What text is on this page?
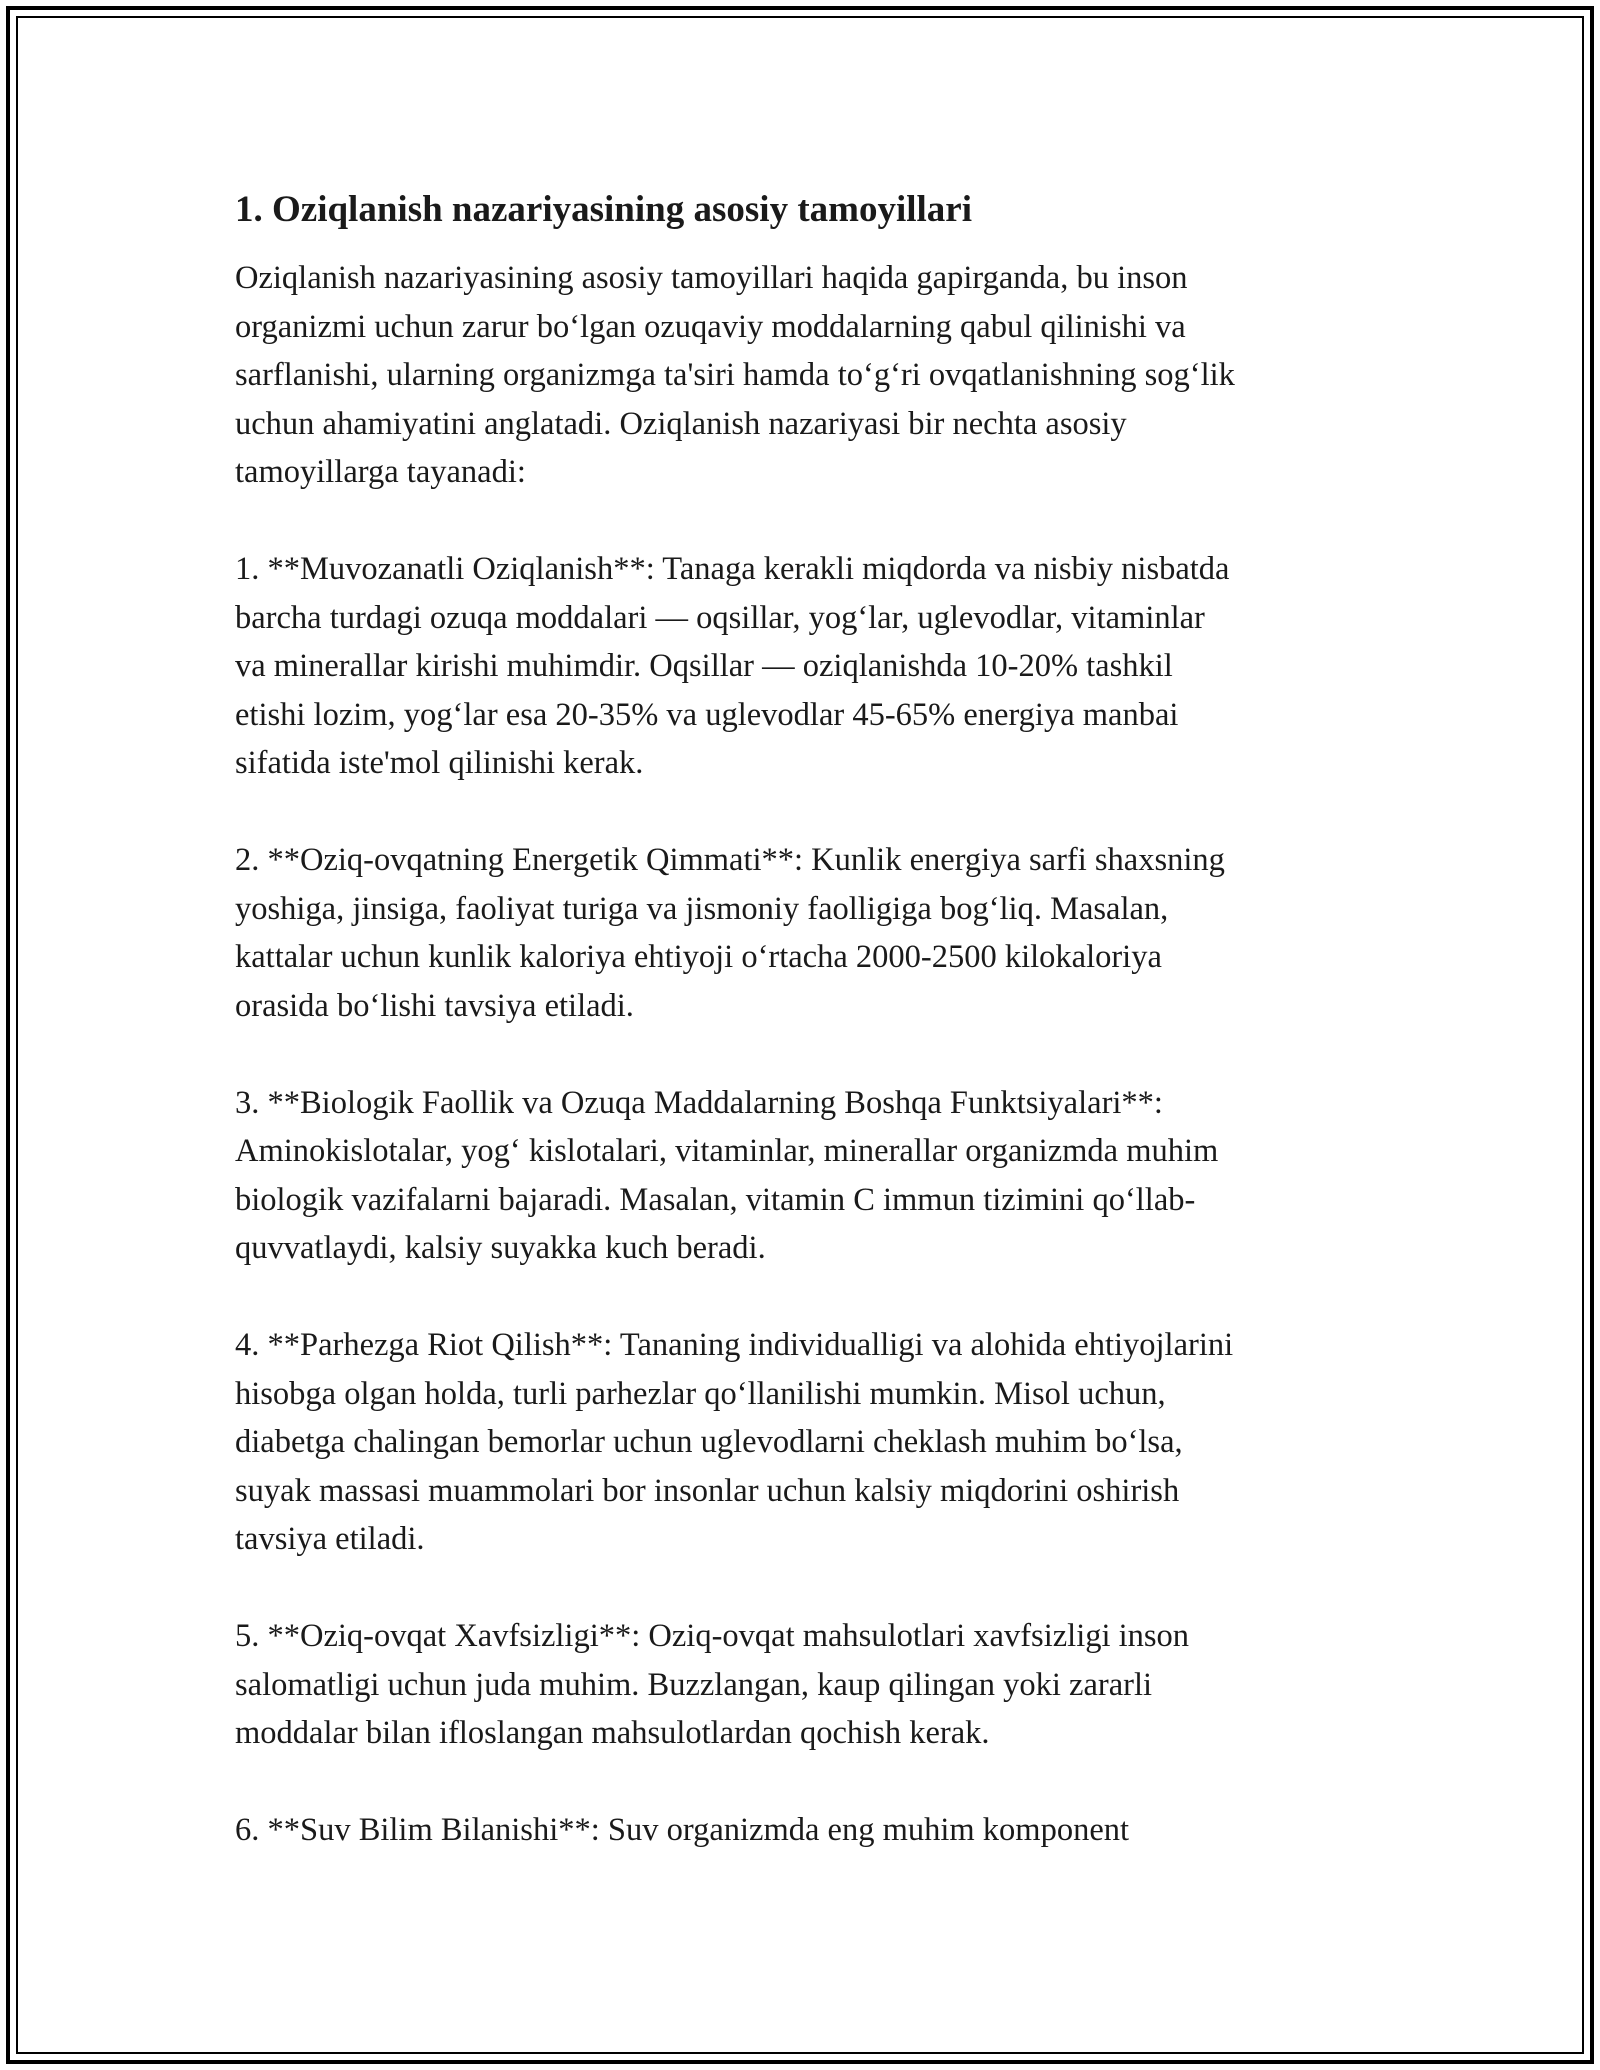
1. Oziqlanish nazariyasining asosiy tamoyillari
Oziqlanish nazariyasining asosiy tamoyillari haqida gapirganda, bu inson
organizmi uchun zarur bo‘lgan ozuqaviy moddalarning qabul qilinishi va
sarflanishi, ularning organizmga ta'siri hamda to‘g‘ri ovqatlanishning sog‘lik
uchun ahamiyatini anglatadi. Oziqlanish nazariyasi bir nechta asosiy
tamoyillarga tayanadi:
1. **Muvozanatli Oziqlanish**: Tanaga kerakli miqdorda va nisbiy nisbatda
barcha turdagi ozuqa moddalari — oqsillar, yog‘lar, uglevodlar, vitaminlar
va minerallar kirishi muhimdir. Oqsillar — oziqlanishda 10-20% tashkil
etishi lozim, yog‘lar esa 20-35% va uglevodlar 45-65% energiya manbai
sifatida iste'mol qilinishi kerak.
2. **Oziq-ovqatning Energetik Qimmati**: Kunlik energiya sarfi shaxsning
yoshiga, jinsiga, faoliyat turiga va jismoniy faolligiga bog‘liq. Masalan,
kattalar uchun kunlik kaloriya ehtiyoji o‘rtacha 2000-2500 kilokaloriya
orasida bo‘lishi tavsiya etiladi.
3. **Biologik Faollik va Ozuqa Maddalarning Boshqa Funktsiyalari**:
Aminokislotalar, yog‘ kislotalari, vitaminlar, minerallar organizmda muhim
biologik vazifalarni bajaradi. Masalan, vitamin C immun tizimini qo‘llab-
quvvatlaydi, kalsiy suyakka kuch beradi.
4. **Parhezga Riot Qilish**: Tananing individualligi va alohida ehtiyojlarini
hisobga olgan holda, turli parhezlar qo‘llanilishi mumkin. Misol uchun,
diabetga chalingan bemorlar uchun uglevodlarni cheklash muhim bo‘lsa,
suyak massasi muammolari bor insonlar uchun kalsiy miqdorini oshirish
tavsiya etiladi.
5. **Oziq-ovqat Xavfsizligi**: Oziq-ovqat mahsulotlari xavfsizligi inson
salomatligi uchun juda muhim. Buzzlangan, kaup qilingan yoki zararli
moddalar bilan ifloslangan mahsulotlardan qochish kerak.
6. **Suv Bilim Bilanishi**: Suv organizmda eng muhim komponent
